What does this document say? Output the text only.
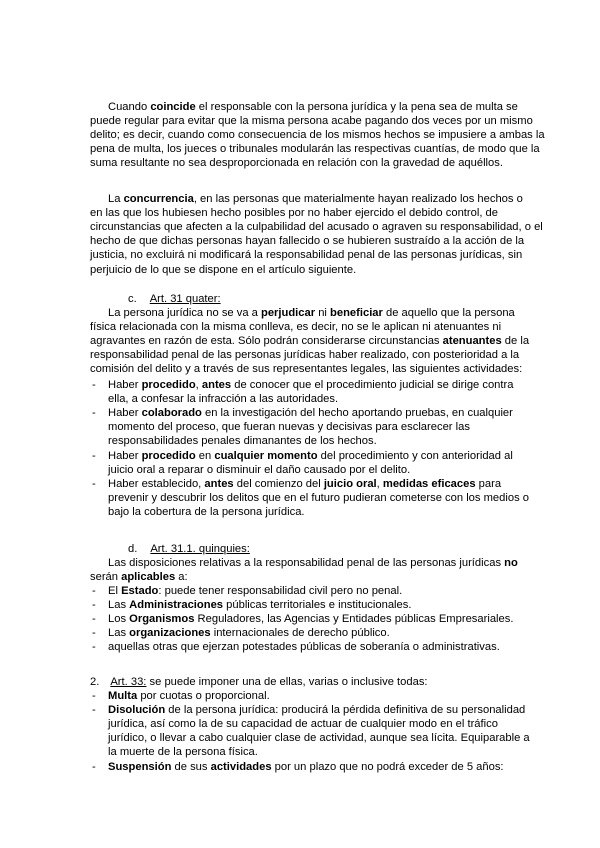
Cuando coincide el responsable con la persona jurídica y la pena sea de multa se
puede regular para evitar que la misma persona acabe pagando dos veces por un mismo
delito; es decir, cuando como consecuencia de los mismos hechos se impusiere a ambas la
pena de multa, los jueces o tribunales modularán las respectivas cuantías, de modo que la
suma resultante no sea desproporcionada en relación con la gravedad de aquéllos.
La concurrencia, en las personas que materialmente hayan realizado los hechos o
en las que los hubiesen hecho posibles por no haber ejercido el debido control, de
circunstancias que afecten a la culpabilidad del acusado o agraven su responsabilidad, o el
hecho de que dichas personas hayan fallecido o se hubieren sustraído a la acción de la
justicia, no excluirá ni modificará la responsabilidad penal de las personas jurídicas, sin
perjuicio de lo que se dispone en el artículo siguiente.
c. Art. 31 quater:
La persona jurídica no se va a perjudicar ni beneficiar de aquello que la persona
física relacionada con la misma conlleva, es decir, no se le aplican ni atenuantes ni
agravantes en razón de esta. Sólo podrán considerarse circunstancias atenuantes de la
responsabilidad penal de las personas jurídicas haber realizado, con posterioridad a la
comisión del delito y a través de sus representantes legales, las siguientes actividades:
- Haber procedido, antes de conocer que el procedimiento judicial se dirige contra
ella, a confesar la infracción a las autoridades.
- Haber colaborado en la investigación del hecho aportando pruebas, en cualquier
momento del proceso, que fueran nuevas y decisivas para esclarecer las
responsabilidades penales dimanantes de los hechos.
- Haber procedido en cualquier momento del procedimiento y con anterioridad al
juicio oral a reparar o disminuir el daño causado por el delito.
- Haber establecido, antes del comienzo del juicio oral, medidas eficaces para
prevenir y descubrir los delitos que en el futuro pudieran cometerse con los medios o
bajo la cobertura de la persona jurídica.
d. Art. 31.1. quinquies:
Las disposiciones relativas a la responsabilidad penal de las personas jurídicas no
serán aplicables a:
- El Estado: puede tener responsabilidad civil pero no penal.
- Las Administraciones públicas territoriales e institucionales.
- Los Organismos Reguladores, las Agencias y Entidades públicas Empresariales.
- Las organizaciones internacionales de derecho público.
- aquellas otras que ejerzan potestades públicas de soberanía o administrativas.
2. Art. 33: se puede imponer una de ellas, varias o inclusive todas:
- Multa por cuotas o proporcional.
- Disolución de la persona jurídica: producirá la pérdida definitiva de su personalidad
jurídica, así como la de su capacidad de actuar de cualquier modo en el tráfico
jurídico, o llevar a cabo cualquier clase de actividad, aunque sea lícita. Equiparable a
la muerte de la persona física.
- Suspensión de sus actividades por un plazo que no podrá exceder de 5 años:
